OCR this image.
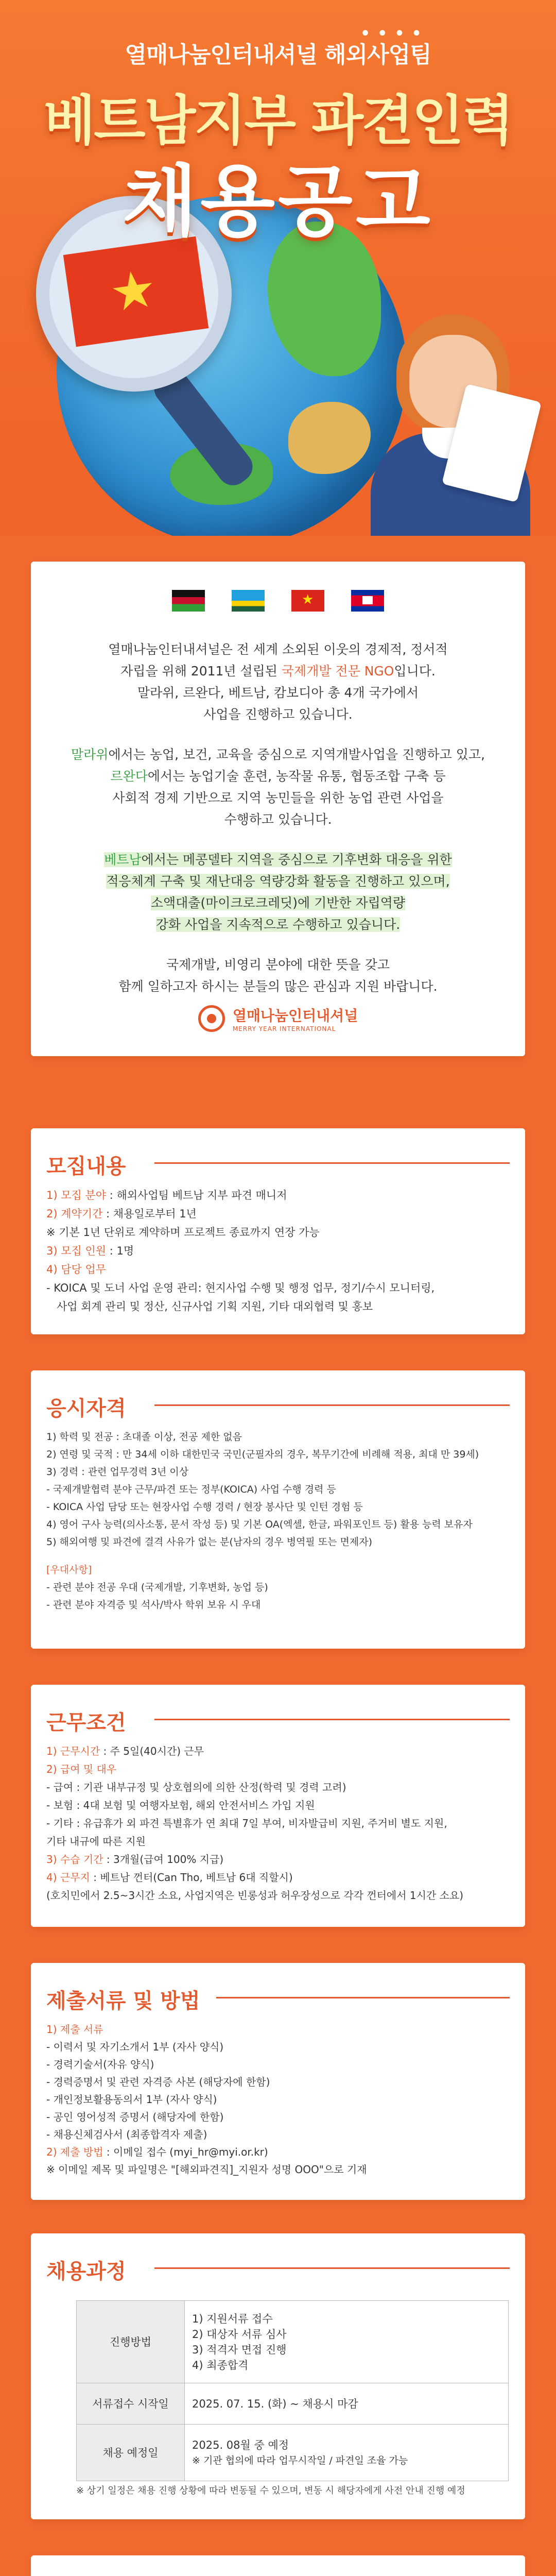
열매나눔인터내셔널 해외사업팀
••••
★
베트남지부 파견인력
채용공고
★

열매나눔인터내셔널은 전 세계 소외된 이웃의 경제적, 정서적
자립을 위해 2011년 설립된 국제개발 전문 NGO입니다.
말라위, 르완다, 베트남, 캄보디아 총 4개 국가에서
사업을 진행하고 있습니다.

말라위에서는 농업, 보건, 교육을 중심으로 지역개발사업을 진행하고 있고,
르완다에서는 농업기술 훈련, 농작물 유통, 협동조합 구축 등
사회적 경제 기반으로 지역 농민들을 위한 농업 관련 사업을
수행하고 있습니다.

베트남에서는 메콩델타 지역을 중심으로 기후변화 대응을 위한
적응체계 구축 및 재난대응 역량강화 활동을 진행하고 있으며,
소액대출(마이크로크레딧)에 기반한 자립역량
강화 사업을 지속적으로 수행하고 있습니다.

국제개발, 비영리 분야에 대한 뜻을 갖고
함께 일하고자 하시는 분들의 많은 관심과 지원 바랍니다.

열매나눔인터내셔널
MERRY YEAR INTERNATIONAL
모집내용
1) 모집 분야 : 해외사업팀 베트남 지부 파견 매니저
2) 계약기간 : 채용일로부터 1년
※ 기본 1년 단위로 계약하며 프로젝트 종료까지 연장 가능
3) 모집 인원 : 1명
4) 담당 업무
- KOICA 및 도너 사업 운영 관리: 현지사업 수행 및 행정 업무, 정기/수시 모니터링,
사업 회계 관리 및 정산, 신규사업 기획 지원, 기타 대외협력 및 홍보
응시자격
1) 학력 및 전공 : 초대졸 이상, 전공 제한 없음
2) 연령 및 국적 : 만 34세 이하 대한민국 국민(군필자의 경우, 복무기간에 비례해 적용, 최대 만 39세)
3) 경력 : 관련 업무경력 3년 이상
- 국제개발협력 분야 근무/파견 또는 정부(KOICA) 사업 수행 경력 등
- KOICA 사업 담당 또는 현장사업 수행 경력 / 현장 봉사단 및 인턴 경험 등
4) 영어 구사 능력(의사소통, 문서 작성 등) 및 기본 OA(엑셀, 한글, 파워포인트 등) 활용 능력 보유자
5) 해외여행 및 파견에 결격 사유가 없는 분(남자의 경우 병역필 또는 면제자)
[우대사항]
- 관련 분야 전공 우대 (국제개발, 기후변화, 농업 등)
- 관련 분야 자격증 및 석사/박사 학위 보유 시 우대
근무조건
1) 근무시간 : 주 5일(40시간) 근무
2) 급여 및 대우
- 급여 : 기관 내부규정 및 상호협의에 의한 산정(학력 및 경력 고려)
- 보험 : 4대 보험 및 여행자보험, 해외 안전서비스 가입 지원
- 기타 : 유급휴가 외 파견 특별휴가 연 최대 7일 부여, 비자발급비 지원, 주거비 별도 지원,
기타 내규에 따른 지원
3) 수습 기간 : 3개월(급여 100% 지급)
4) 근무지 : 베트남 껀터(Can Tho, 베트남 6대 직할시)
(호치민에서 2.5~3시간 소요, 사업지역은 빈롱성과 허우장성으로 각각 껀터에서 1시간 소요)
제출서류 및 방법
1) 제출 서류
- 이력서 및 자기소개서 1부 (자사 양식)
- 경력기술서(자유 양식)
- 경력증명서 및 관련 자격증 사본 (해당자에 한함)
- 개인정보활용동의서 1부 (자사 양식)
- 공인 영어성적 증명서 (해당자에 한함)
- 채용신체검사서 (최종합격자 제출)
2) 제출 방법 : 이메일 접수 (myi_hr@myi.or.kr)
※ 이메일 제목 및 파일명은 "[해외파견직]_지원자 성명 OOO"으로 기재
채용과정
진행방법	1) 지원서류 접수
2) 대상자 서류 심사
3) 적격자 면접 진행
4) 최종합격

서류접수 시작일	2025. 07. 15. (화) ~ 채용시 마감
채용 예정일	2025. 08월 중 예정
※ 기관 협의에 따라 업무시작일 / 파견일 조율 가능
※ 상기 일정은 채용 진행 상황에 따라 변동될 수 있으며, 변동 시 해당자에게 사전 안내 진행 예정
